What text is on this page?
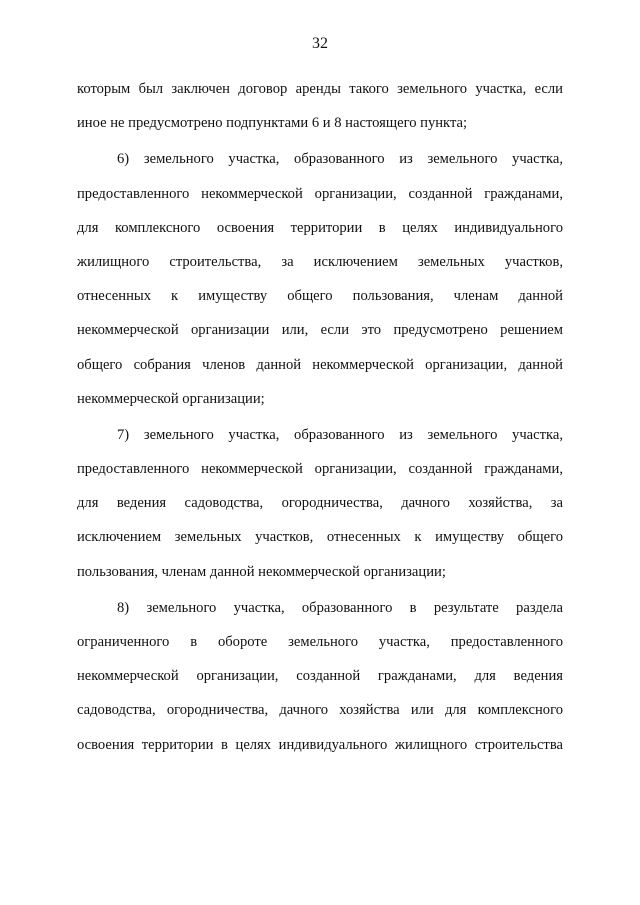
32
которым был заключен договор аренды такого земельного участка, если
иное не предусмотрено подпунктами 6 и 8 настоящего пункта;
6) земельного участка, образованного из земельного участка,
предоставленного некоммерческой организации, созданной гражданами,
для комплексного освоения территории в целях индивидуального
жилищного строительства, за исключением земельных участков,
отнесенных к имуществу общего пользования, членам данной
некоммерческой организации или, если это предусмотрено решением
общего собрания членов данной некоммерческой организации, данной
некоммерческой организации;
7) земельного участка, образованного из земельного участка,
предоставленного некоммерческой организации, созданной гражданами,
для ведения садоводства, огородничества, дачного хозяйства, за
исключением земельных участков, отнесенных к имуществу общего
пользования, членам данной некоммерческой организации;
8) земельного участка, образованного в результате раздела
ограниченного в обороте земельного участка, предоставленного
некоммерческой организации, созданной гражданами, для ведения
садоводства, огородничества, дачного хозяйства или для комплексного
освоения территории в целях индивидуального жилищного строительства
